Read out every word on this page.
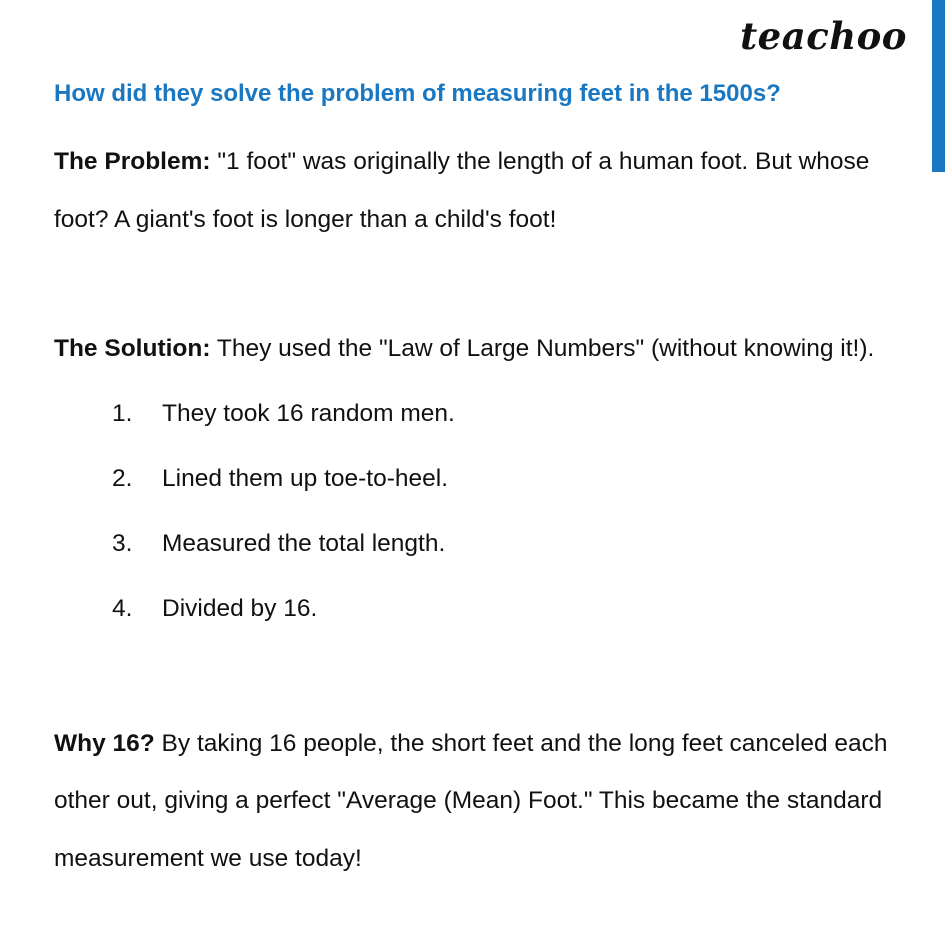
teachoo
How did they solve the problem of measuring feet in the 1500s?

The Problem: "1 foot" was originally the length of a human foot. But whose foot? A giant's foot is longer than a child's foot!

The Solution: They used the "Law of Large Numbers" (without knowing it!).

1.	They took 16 random men.
2.	Lined them up toe-to-heel.
3.	Measured the total length.
4.	Divided by 16.

Why 16? By taking 16 people, the short feet and the long feet canceled each other out, giving a perfect "Average (Mean) Foot." This became the standard measurement we use today!
